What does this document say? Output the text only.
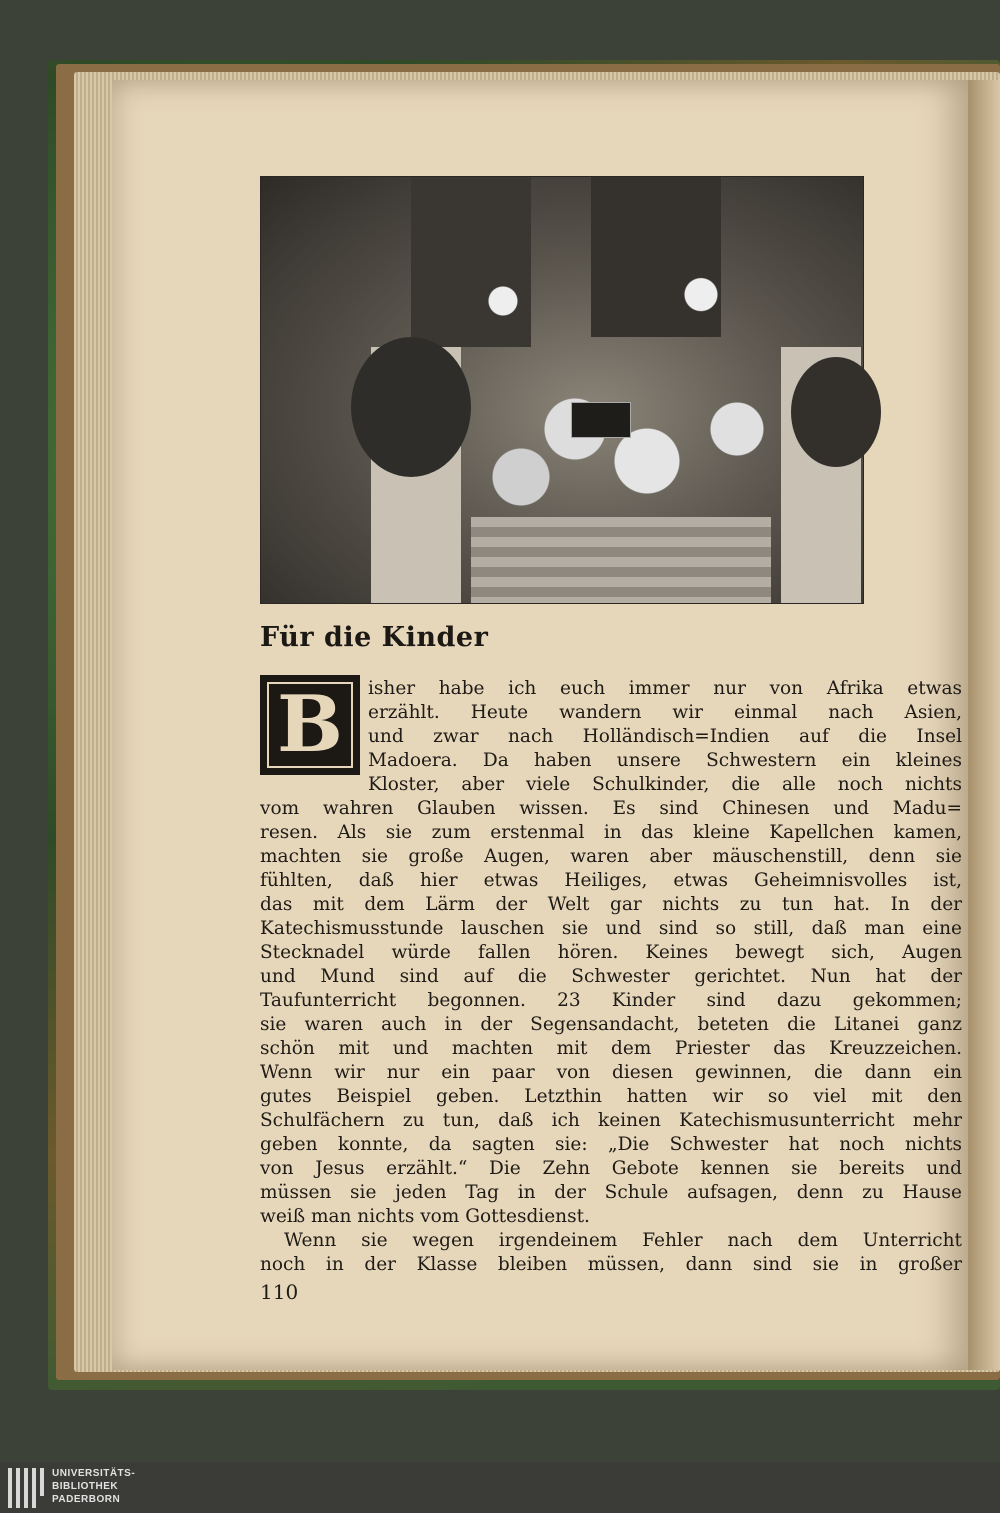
Für die Kinder
B	isher habe ich euch immer nur von Afrika etwas

erzählt. Heute wandern wir einmal nach Asien,

und zwar nach Holländisch=Indien auf die Insel

Madoera. Da haben unsere Schwestern ein kleines

Kloster, aber viele Schulkinder, die alle noch nichts

vom wahren Glauben wissen. Es sind Chinesen und Madu=

resen. Als sie zum erstenmal in das kleine Kapellchen kamen,

machten sie große Augen, waren aber mäuschenstill, denn sie

fühlten, daß hier etwas Heiliges, etwas Geheimnisvolles ist,

das mit dem Lärm der Welt gar nichts zu tun hat. In der

Katechismusstunde lauschen sie und sind so still, daß man eine

Stecknadel würde fallen hören. Keines bewegt sich, Augen

und Mund sind auf die Schwester gerichtet. Nun hat der

Taufunterricht begonnen. 23 Kinder sind dazu gekommen;

sie waren auch in der Segensandacht, beteten die Litanei ganz

schön mit und machten mit dem Priester das Kreuzzeichen.

Wenn wir nur ein paar von diesen gewinnen, die dann ein

gutes Beispiel geben. Letzthin hatten wir so viel mit den

Schulfächern zu tun, daß ich keinen Katechismusunterricht mehr

geben konnte, da sagten sie: „Die Schwester hat noch nichts

von Jesus erzählt.“ Die Zehn Gebote kennen sie bereits und

müssen sie jeden Tag in der Schule aufsagen, denn zu Hause

weiß man nichts vom Gottesdienst.

Wenn sie wegen irgendeinem Fehler nach dem Unterricht

noch in der Klasse bleiben müssen, dann sind sie in großer

110

UNIVERSITÄTS-
BIBLIOTHEK
PADERBORN
